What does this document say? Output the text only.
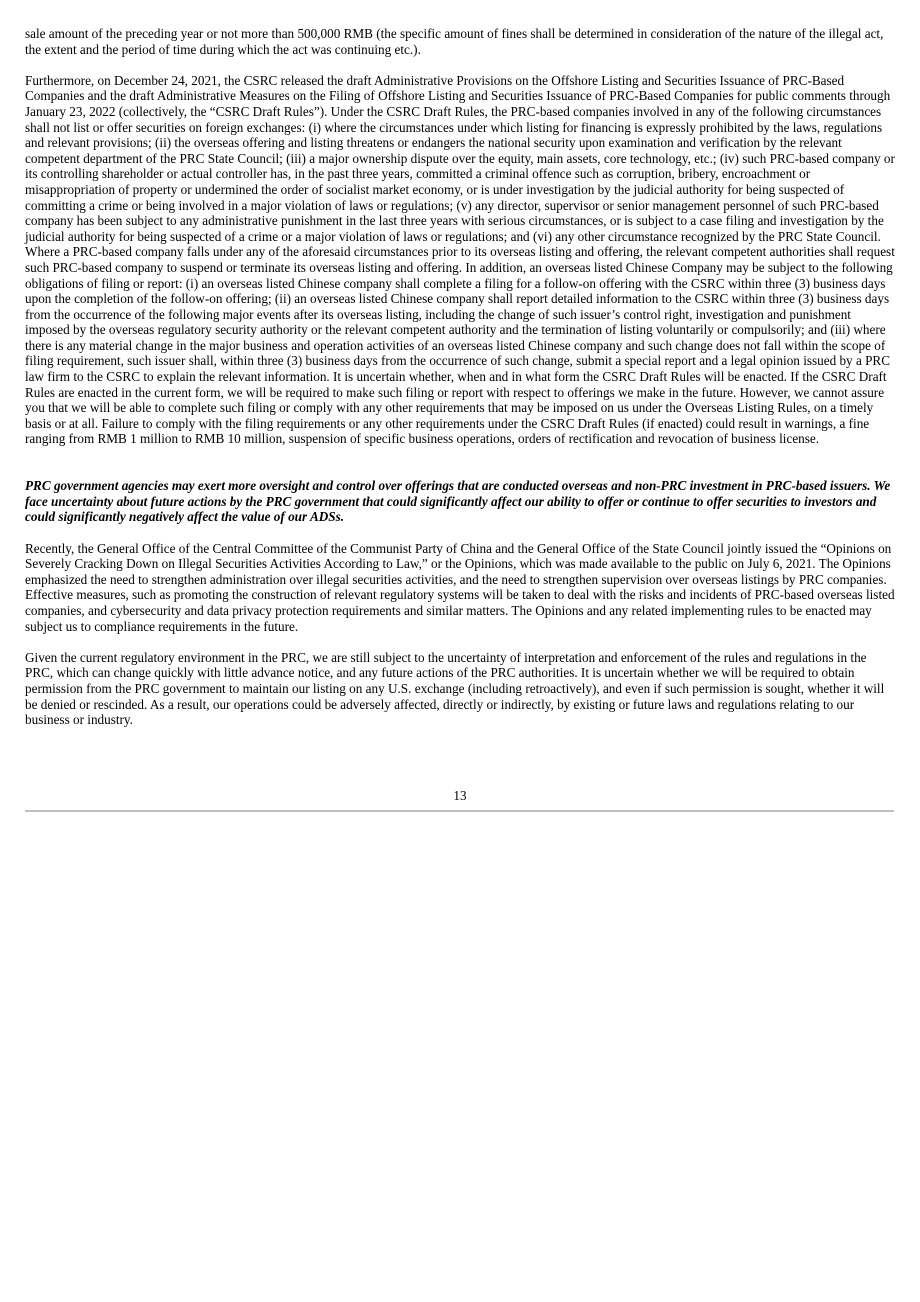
sale amount of the preceding year or not more than 500,000 RMB (the specific amount of fines shall be determined in consideration of the nature of the illegal act, the extent and the period of time during which the act was continuing etc.).

Furthermore, on December 24, 2021, the CSRC released the draft Administrative Provisions on the Offshore Listing and Securities Issuance of PRC-Based Companies and the draft Administrative Measures on the Filing of Offshore Listing and Securities Issuance of PRC-Based Companies for public comments through January 23, 2022 (collectively, the “CSRC Draft Rules”). Under the CSRC Draft Rules, the PRC-based companies involved in any of the following circumstances shall not list or offer securities on foreign exchanges: (i) where the circumstances under which listing for financing is expressly prohibited by the laws, regulations and relevant provisions; (ii) the overseas offering and listing threatens or endangers the national security upon examination and verification by the relevant competent department of the PRC State Council; (iii) a major ownership dispute over the equity, main assets, core technology, etc.; (iv) such PRC-based company or its controlling shareholder or actual controller has, in the past three years, committed a criminal offence such as corruption, bribery, encroachment or misappropriation of property or undermined the order of socialist market economy, or is under investigation by the judicial authority for being suspected of committing a crime or being involved in a major violation of laws or regulations; (v) any director, supervisor or senior management personnel of such PRC-based company has been subject to any administrative punishment in the last three years with serious circumstances, or is subject to a case filing and investigation by the judicial authority for being suspected of a crime or a major violation of laws or regulations; and (vi) any other circumstance recognized by the PRC State Council. Where a PRC-based company falls under any of the aforesaid circumstances prior to its overseas listing and offering, the relevant competent authorities shall request such PRC-based company to suspend or terminate its overseas listing and offering. In addition, an overseas listed Chinese Company may be subject to the following obligations of filing or report: (i) an overseas listed Chinese company shall complete a filing for a follow-on offering with the CSRC within three (3) business days upon the completion of the follow-on offering; (ii) an overseas listed Chinese company shall report detailed information to the CSRC within three (3) business days from the occurrence of the following major events after its overseas listing, including the change of such issuer’s control right, investigation and punishment imposed by the overseas regulatory security authority or the relevant competent authority and the termination of listing voluntarily or compulsorily; and (iii) where there is any material change in the major business and operation activities of an overseas listed Chinese company and such change does not fall within the scope of filing requirement, such issuer shall, within three (3) business days from the occurrence of such change, submit a special report and a legal opinion issued by a PRC law firm to the CSRC to explain the relevant information. It is uncertain whether, when and in what form the CSRC Draft Rules will be enacted. If the CSRC Draft Rules are enacted in the current form, we will be required to make such filing or report with respect to offerings we make in the future. However, we cannot assure you that we will be able to complete such filing or comply with any other requirements that may be imposed on us under the Overseas Listing Rules, on a timely basis or at all. Failure to comply with the filing requirements or any other requirements under the CSRC Draft Rules (if enacted) could result in warnings, a fine ranging from RMB 1 million to RMB 10 million, suspension of specific business operations, orders of rectification and revocation of business license.

PRC government agencies may exert more oversight and control over offerings that are conducted overseas and non-PRC investment in PRC-based issuers. We face uncertainty about future actions by the PRC government that could significantly affect our ability to offer or continue to offer securities to investors and could significantly negatively affect the value of our ADSs.

Recently, the General Office of the Central Committee of the Communist Party of China and the General Office of the State Council jointly issued the “Opinions on Severely Cracking Down on Illegal Securities Activities According to Law,” or the Opinions, which was made available to the public on July 6, 2021. The Opinions emphasized the need to strengthen administration over illegal securities activities, and the need to strengthen supervision over overseas listings by PRC companies. Effective measures, such as promoting the construction of relevant regulatory systems will be taken to deal with the risks and incidents of PRC-based overseas listed companies, and cybersecurity and data privacy protection requirements and similar matters. The Opinions and any related implementing rules to be enacted may subject us to compliance requirements in the future.

Given the current regulatory environment in the PRC, we are still subject to the uncertainty of interpretation and enforcement of the rules and regulations in the PRC, which can change quickly with little advance notice, and any future actions of the PRC authorities. It is uncertain whether we will be required to obtain permission from the PRC government to maintain our listing on any U.S. exchange (including retroactively), and even if such permission is sought, whether it will be denied or rescinded. As a result, our operations could be adversely affected, directly or indirectly, by existing or future laws and regulations relating to our business or industry.

13
